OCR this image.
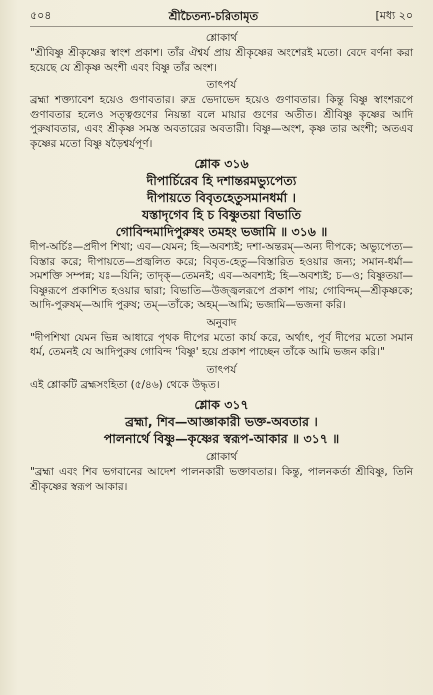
৫০৪	শ্রীচৈতন্য-চরিতামৃত	[মধ্য ২০
শ্লোকার্থ

"শ্রীবিষ্ণু শ্রীকৃষ্ণের স্বাংশ প্রকাশ। তাঁর ঐশ্বর্য প্রায় শ্রীকৃষ্ণের অংশেরই মতো। বেদে বর্ণনা করা হয়েছে যে শ্রীকৃষ্ণ অংশী এবং বিষ্ণু তাঁর অংশ।

তাৎপর্য

ব্রহ্মা শক্ত্যাবেশ হয়েও গুণাবতার। রুদ্র ভেদাভেদ হয়েও গুণাবতার। কিন্তু বিষ্ণু স্বাংশরূপে গুণাবতার হলেও সত্ত্বগুণের নিয়ন্তা বলে মায়ার গুণের অতীত। শ্রীবিষ্ণু কৃষ্ণের আদি পুরুষাবতার, এবং শ্রীকৃষ্ণ সমস্ত অবতারের অবতারী। বিষ্ণু—অংশ, কৃষ্ণ তার অংশী; অতএব কৃষ্ণের মতো বিষ্ণু ষড়ৈশ্বর্যপূর্ণ।

শ্লোক ৩১৬
দীপার্চিরেব হি দশান্তরমভ্যুপেত্য
দীপায়তে বিবৃতহেতুসমানধর্মা ।
যস্তাদৃগেব হি চ বিষ্ণুতয়া বিভাতি
গোবিন্দমাদিপুরুষং তমহং ভজামি ॥ ৩১৬ ॥

দীপ-অর্চিঃ—প্রদীপ শিখা; এব—যেমন; হি—অবশ্যই; দশা-অন্তরম্—অন্য দীপকে; অভ্যুপেত্য—বিস্তার করে; দীপায়তে—প্রজ্বলিত করে; বিবৃত-হেতু—বিস্তারিত হওয়ার জন্য; সমান-ধর্মা—সমশক্তি সম্পন্ন; যঃ—যিনি; তাদৃক্—তেমনই; এব—অবশ্যই; হি—অবশ্যই; চ—ও; বিষ্ণুতয়া—বিষ্ণুরূপে প্রকাশিত হওয়ার দ্বারা; বিভাতি—উজ্জ্বলরূপে প্রকাশ পায়; গোবিন্দম্—শ্রীকৃষ্ণকে; আদি-পুরুষম্—আদি পুরুষ; তম্—তাঁকে; অহম্—আমি; ভজামি—ভজনা করি।

অনুবাদ

"দীপশিখা যেমন ভিন্ন আধারে পৃথক দীপের মতো কার্য করে, অর্থাৎ, পূর্ব দীপের মতো সমান ধর্ম, তেমনই যে আদিপুরুষ গোবিন্দ 'বিষ্ণু' হয়ে প্রকাশ পাচ্ছেন তাঁকে আমি ভজন করি।"

তাৎপর্য

এই শ্লোকটি ব্রহ্মসংহিতা (৫/৪৬) থেকে উদ্ধৃত।

শ্লোক ৩১৭
ব্রহ্মা, শিব—আজ্ঞাকারী ভক্ত-অবতার ।
পালনার্থে বিষ্ণু—কৃষ্ণের স্বরূপ-আকার ॥ ৩১৭ ॥
শ্লোকার্থ

"ব্রহ্মা এবং শিব ভগবানের আদেশ পালনকারী ভক্তাবতার। কিন্তু, পালনকর্তা শ্রীবিষ্ণু, তিনি শ্রীকৃষ্ণের স্বরূপ আকার।
